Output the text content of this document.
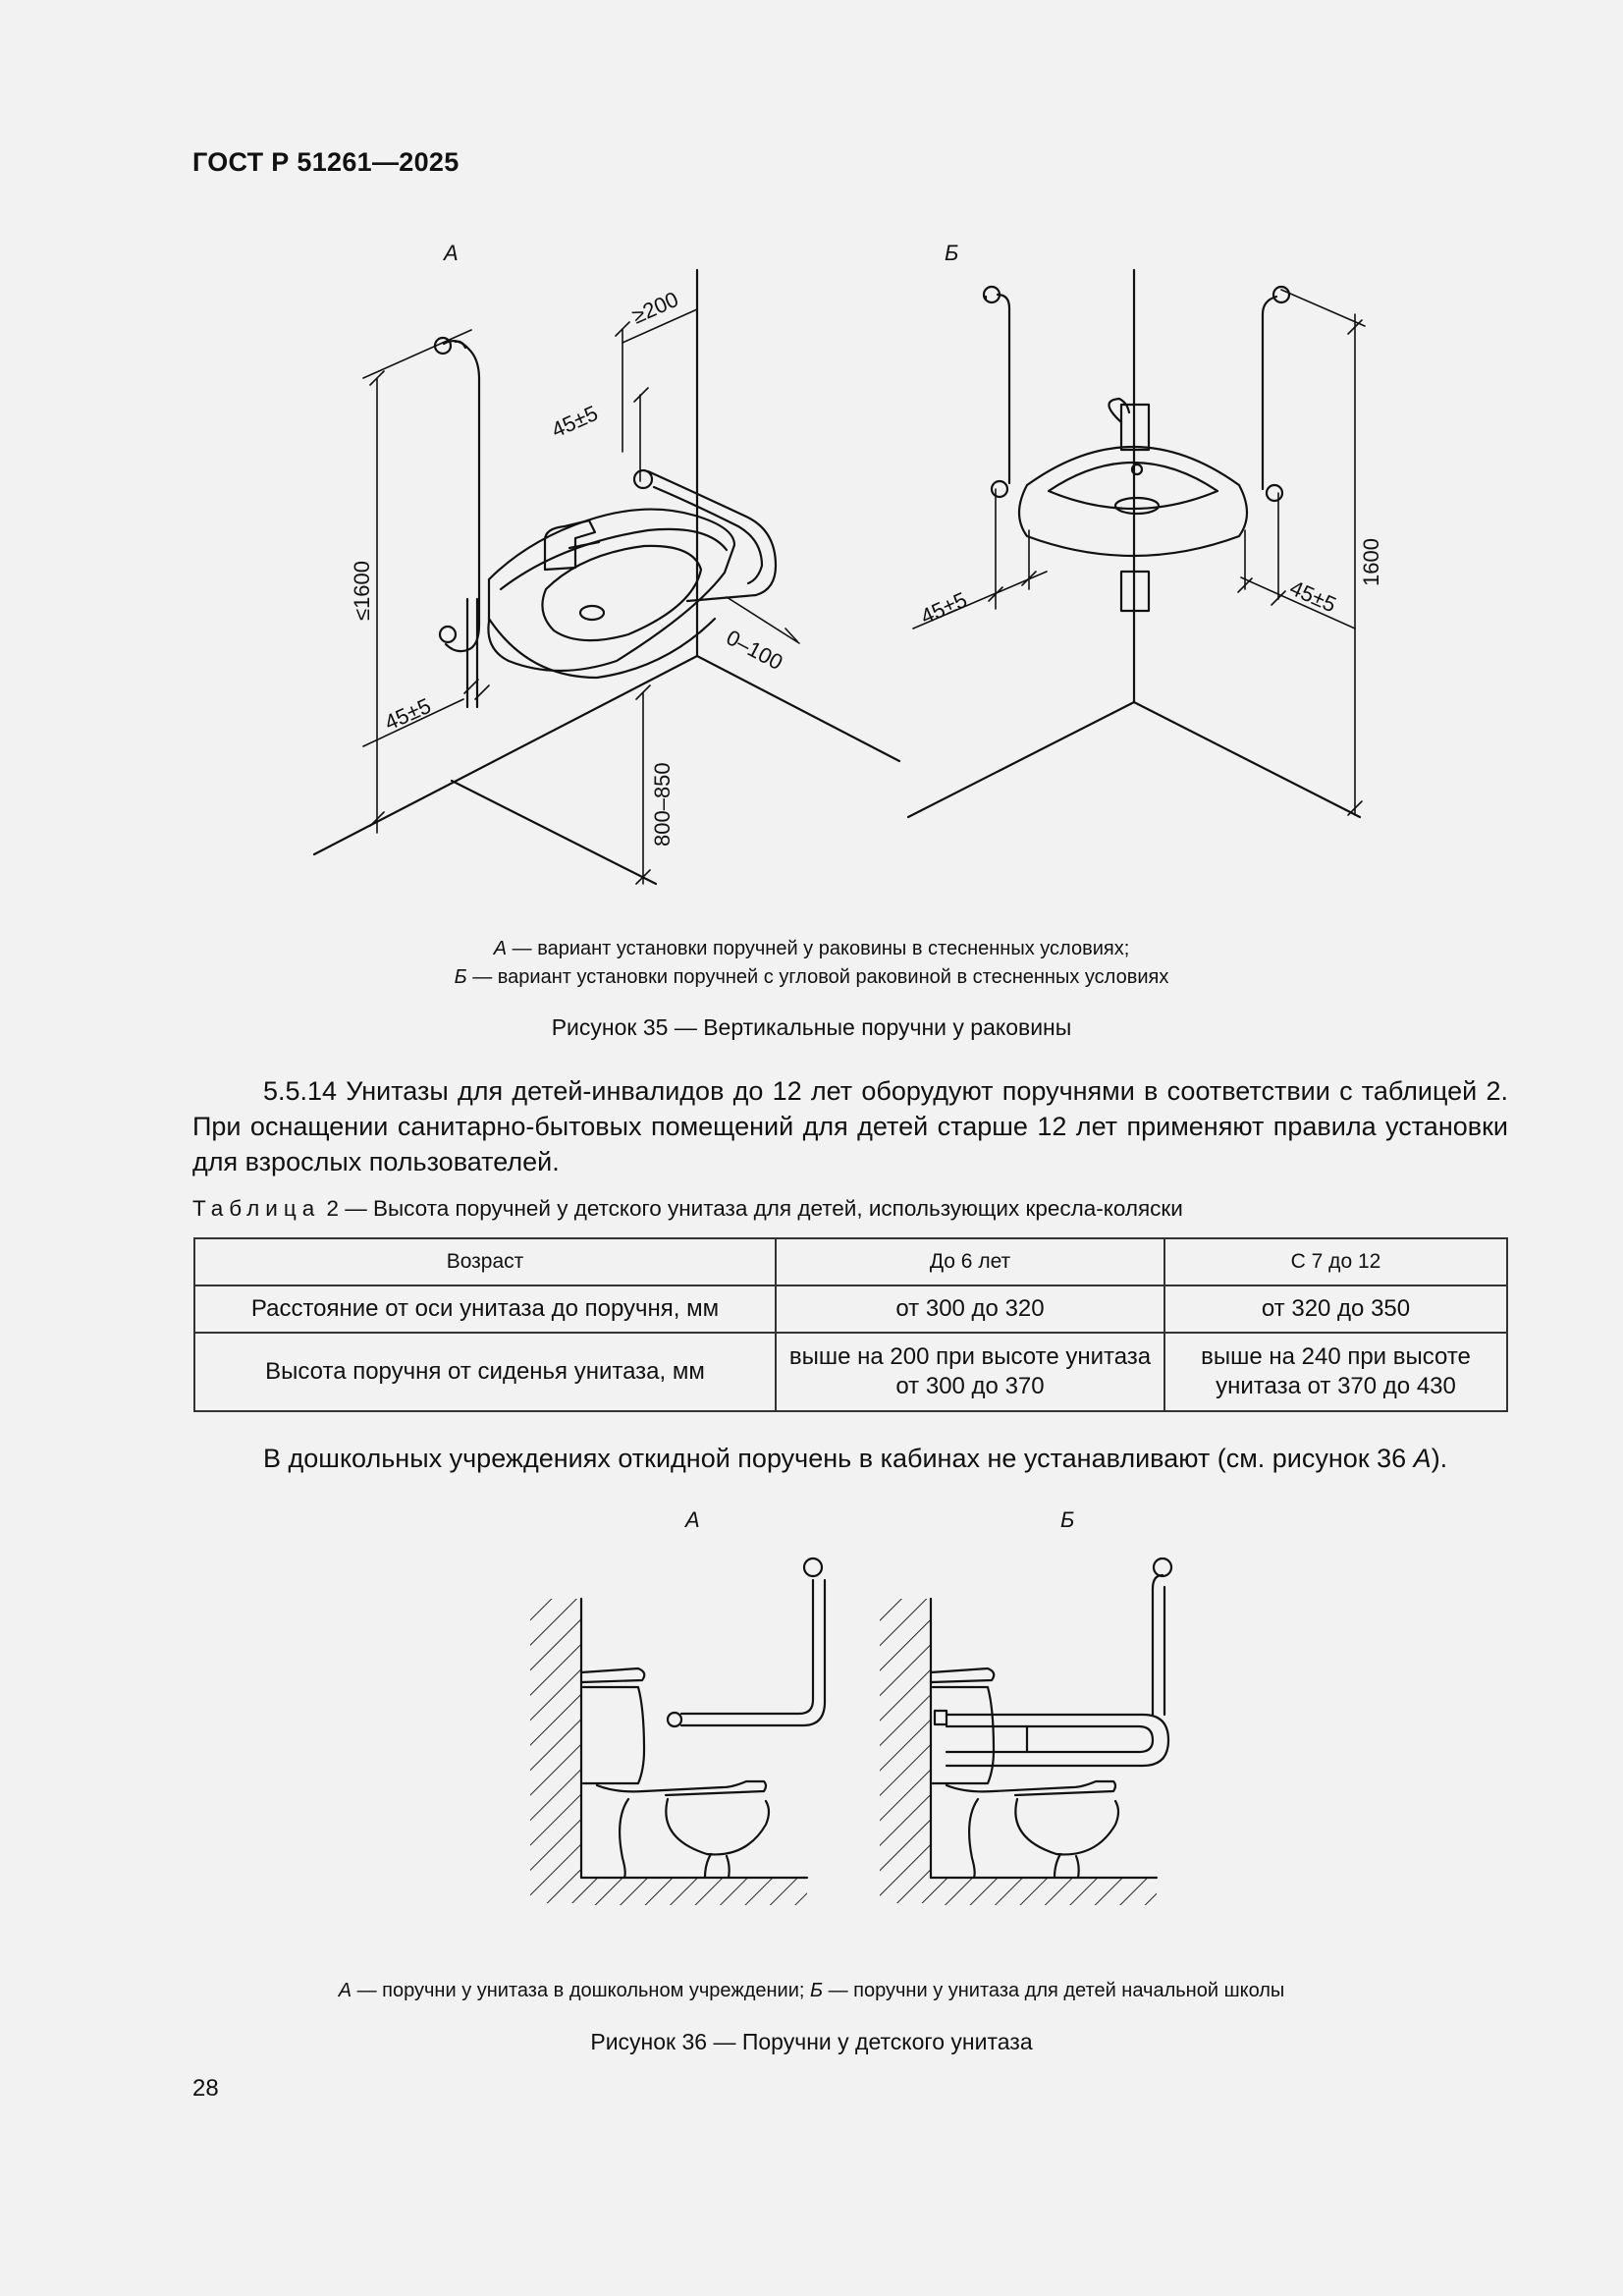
ГОСТ Р 51261—2025
А	Б
≤1600
45±5
45±5
≥200
0–100
800–850
1600
45±5	45±5
А — вариант установки поручней у раковины в стесненных условиях;
Б — вариант установки поручней с угловой раковиной в стесненных условиях
Рисунок 35 — Вертикальные поручни у раковины
5.5.14 Унитазы для детей-инвалидов до 12 лет оборудуют поручнями в соответствии с таблицей 2. При оснащении санитарно-бытовых помещений для детей старше 12 лет применяют правила установки для взрослых пользователей.
Таблица 2 — Высота поручней у детского унитаза для детей, использующих кресла-коляски
Возраст	До 6 лет	С 7 до 12
Расстояние от оси унитаза до поручня, мм	от 300 до 320	от 320 до 350
Высота поручня от сиденья унитаза, мм	выше на 200 при высоте унитаза от 300 до 370	выше на 240 при высоте унитаза от 370 до 430
В дошкольных учреждениях откидной поручень в кабинах не устанавливают (см. рисунок 36 А).
А	Б
А — поручни у унитаза в дошкольном учреждении; Б — поручни у унитаза для детей начальной школы
Рисунок 36 — Поручни у детского унитаза
28
